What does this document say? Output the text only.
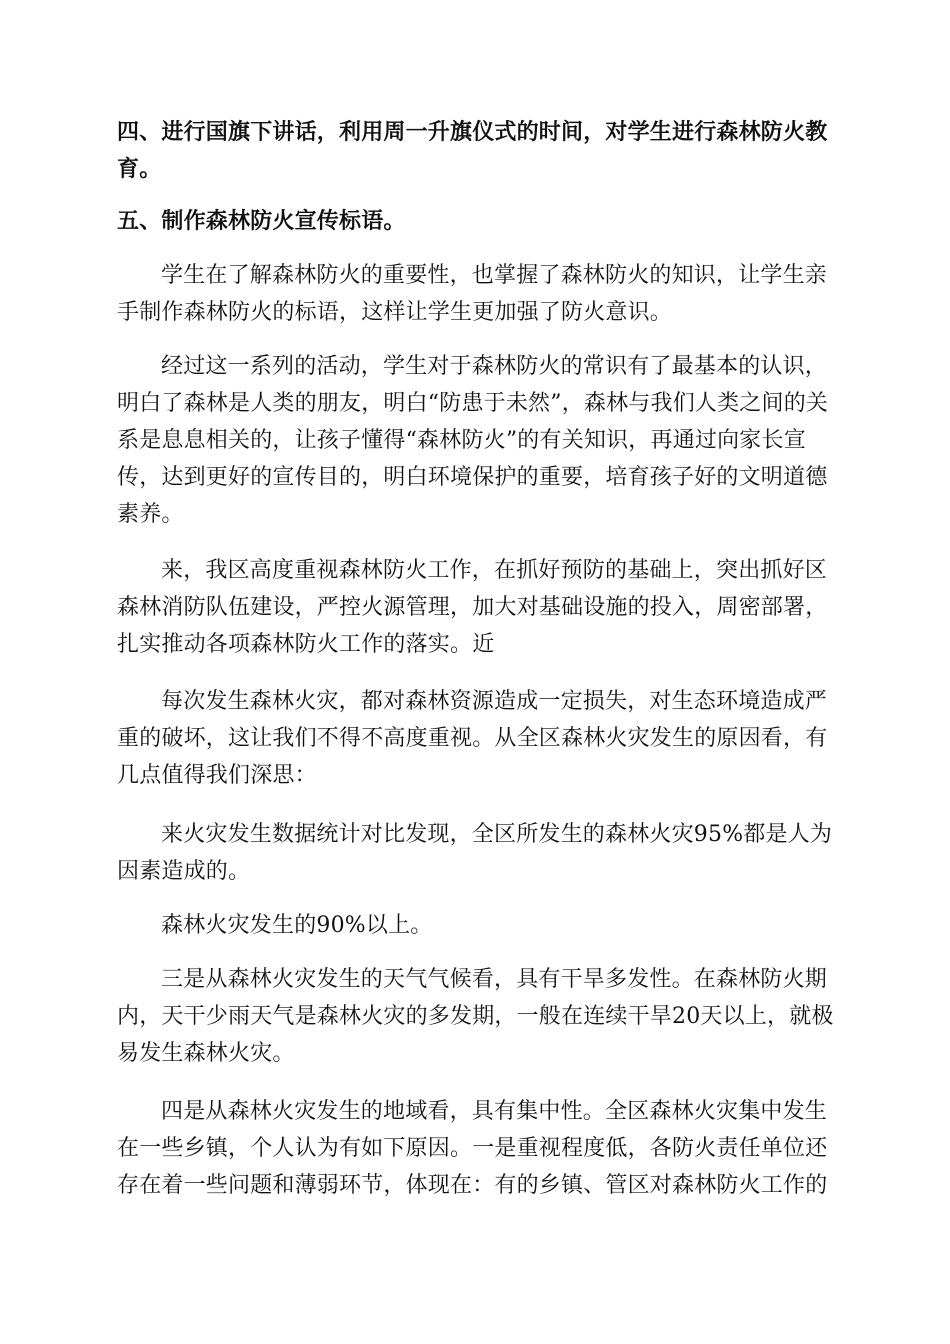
四、进行国旗下讲话，利用周一升旗仪式的时间，对学生进行森林防火教育。

五、制作森林防火宣传标语。

学生在了解森林防火的重要性，也掌握了森林防火的知识，让学生亲手制作森林防火的标语，这样让学生更加强了防火意识。

经过这一系列的活动，学生对于森林防火的常识有了最基本的认识，明白了森林是人类的朋友，明白“防患于未然”，森林与我们人类之间的关系是息息相关的，让孩子懂得“森林防火”的有关知识，再通过向家长宣传，达到更好的宣传目的，明白环境保护的重要，培育孩子好的文明道德素养。

来，我区高度重视森林防火工作，在抓好预防的基础上，突出抓好区森林消防队伍建设，严控火源管理，加大对基础设施的投入，周密部署，扎实推动各项森林防火工作的落实。近

每次发生森林火灾，都对森林资源造成一定损失，对生态环境造成严重的破坏，这让我们不得不高度重视。从全区森林火灾发生的原因看，有几点值得我们深思：

来火灾发生数据统计对比发现，全区所发生的森林火灾95%都是人为因素造成的。

森林火灾发生的90%以上。

三是从森林火灾发生的天气气候看，具有干旱多发性。在森林防火期内，天干少雨天气是森林火灾的多发期，一般在连续干旱20天以上，就极易发生森林火灾。

四是从森林火灾发生的地域看，具有集中性。全区森林火灾集中发生在一些乡镇，个人认为有如下原因。一是重视程度低，各防火责任单位还存在着一些问题和薄弱环节，体现在：有的乡镇、管区对森林防火工作的
